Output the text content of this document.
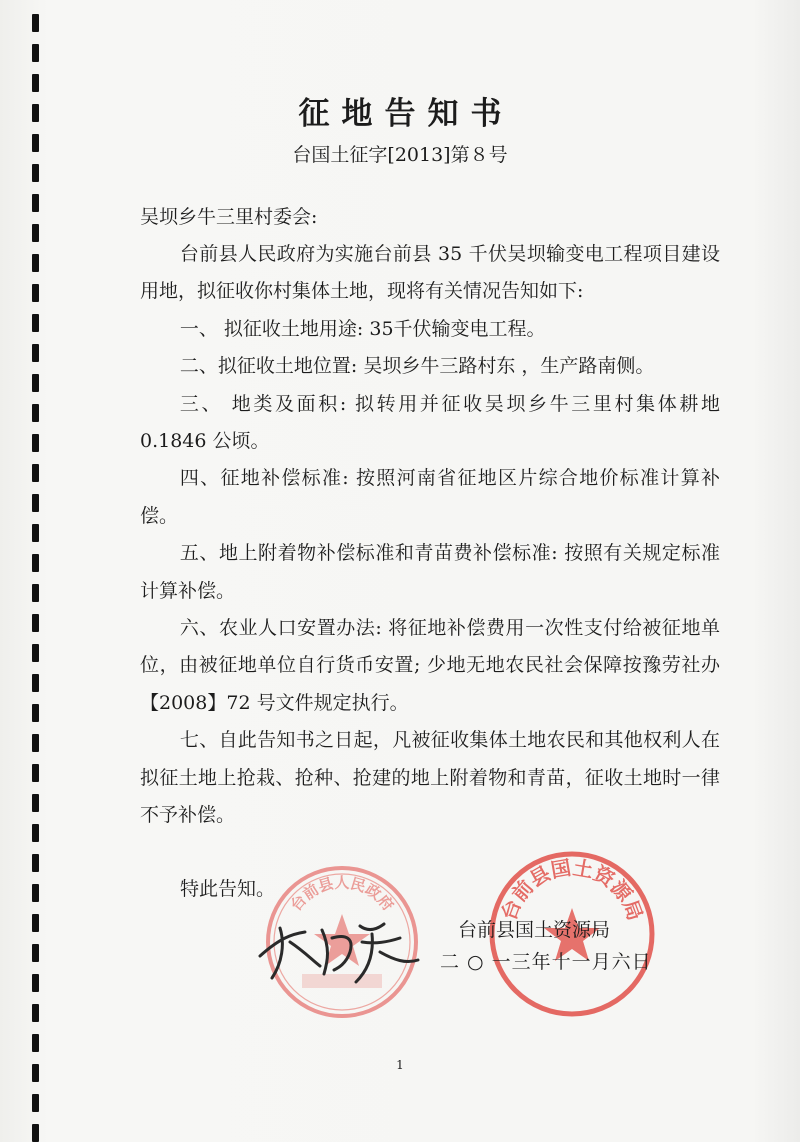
征地告知书
台国土征字[2013]第８号
吴坝乡牛三里村委会:

台前县人民政府为实施台前县 35 千伏吴坝输变电工程项目建设用地，拟征收你村集体土地，现将有关情况告知如下:

一、 拟征收土地用途: 35千伏输变电工程。

二、拟征收土地位置: 吴坝乡牛三路村东 ，生产路南侧。

三、 地类及面积: 拟转用并征收吴坝乡牛三里村集体耕地 0.1846 公顷。

四、征地补偿标准: 按照河南省征地区片综合地价标准计算补偿。

五、地上附着物补偿标准和青苗费补偿标准: 按照有关规定标准计算补偿。

六、农业人口安置办法: 将征地补偿费用一次性支付给被征地单位，由被征地单位自行货币安置; 少地无地农民社会保障按豫劳社办【2008】72 号文件规定执行。

七、自此告知书之日起，凡被征收集体土地农民和其他权利人在拟征土地上抢栽、抢种、抢建的地上附着物和青苗，征收土地时一律不予补偿。

特此告知。
台前县人民政府	台前县国土资源局
台前县国土资源局
二 ○ 一三年十一月六日
1
